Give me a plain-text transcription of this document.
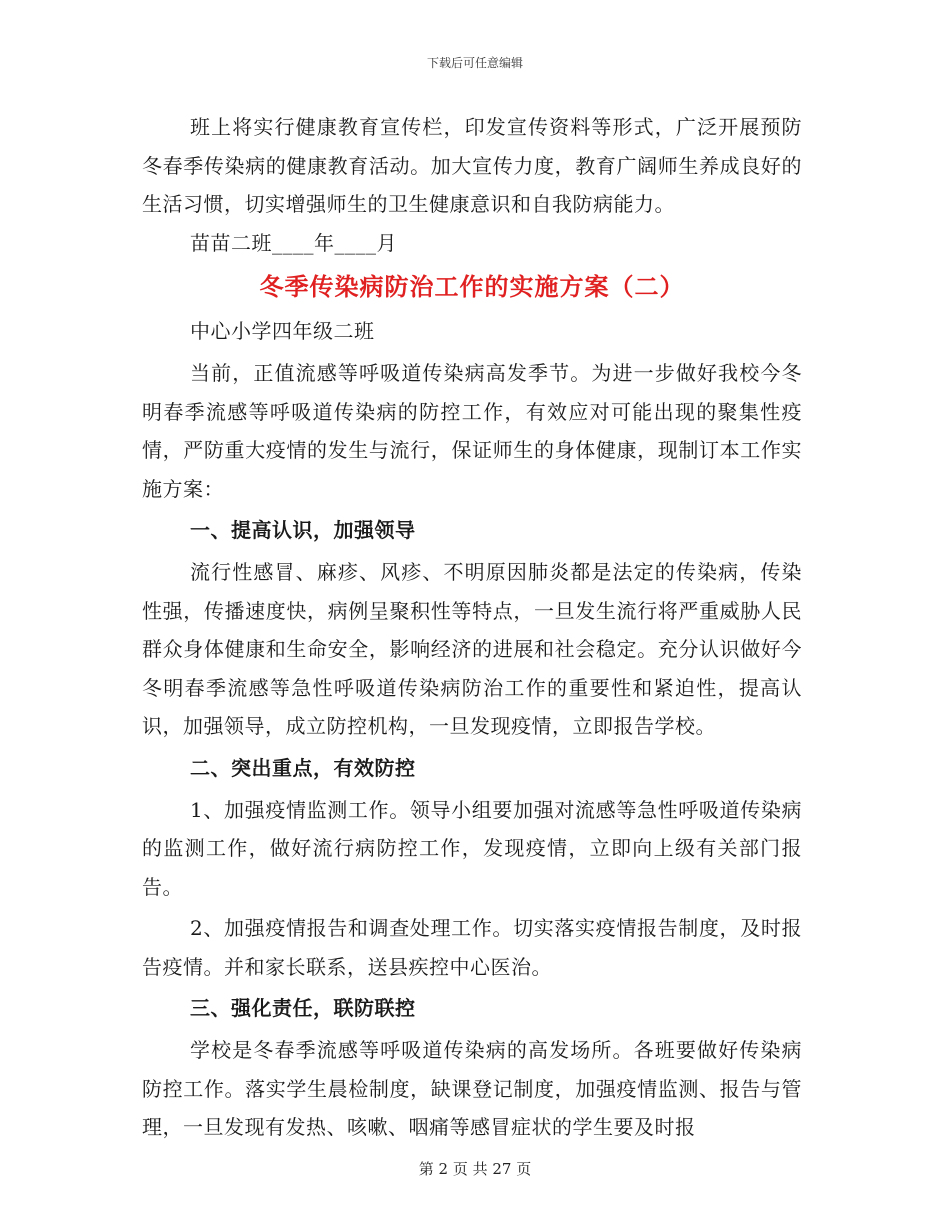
下载后可任意编辑

班上将实行健康教育宣传栏，印发宣传资料等形式，广泛开展预防冬春季传染病的健康教育活动。加大宣传力度，教育广阔师生养成良好的生活习惯，切实增强师生的卫生健康意识和自我防病能力。

苗苗二班____年____月

冬季传染病防治工作的实施方案（二）

中心小学四年级二班

当前，正值流感等呼吸道传染病高发季节。为进一步做好我校今冬明春季流感等呼吸道传染病的防控工作，有效应对可能出现的聚集性疫情，严防重大疫情的发生与流行，保证师生的身体健康，现制订本工作实施方案：

一、提高认识，加强领导

流行性感冒、麻疹、风疹、不明原因肺炎都是法定的传染病，传染性强，传播速度快，病例呈聚积性等特点，一旦发生流行将严重威胁人民群众身体健康和生命安全，影响经济的进展和社会稳定。充分认识做好今冬明春季流感等急性呼吸道传染病防治工作的重要性和紧迫性，提高认识，加强领导，成立防控机构，一旦发现疫情，立即报告学校。

二、突出重点，有效防控

1、加强疫情监测工作。领导小组要加强对流感等急性呼吸道传染病的监测工作，做好流行病防控工作，发现疫情，立即向上级有关部门报告。

2、加强疫情报告和调查处理工作。切实落实疫情报告制度，及时报告疫情。并和家长联系，送县疾控中心医治。

三、强化责任，联防联控

学校是冬春季流感等呼吸道传染病的高发场所。各班要做好传染病防控工作。落实学生晨检制度，缺课登记制度，加强疫情监测、报告与管理，一旦发现有发热、咳嗽、咽痛等感冒症状的学生要及时报

第 2 页 共 27 页
